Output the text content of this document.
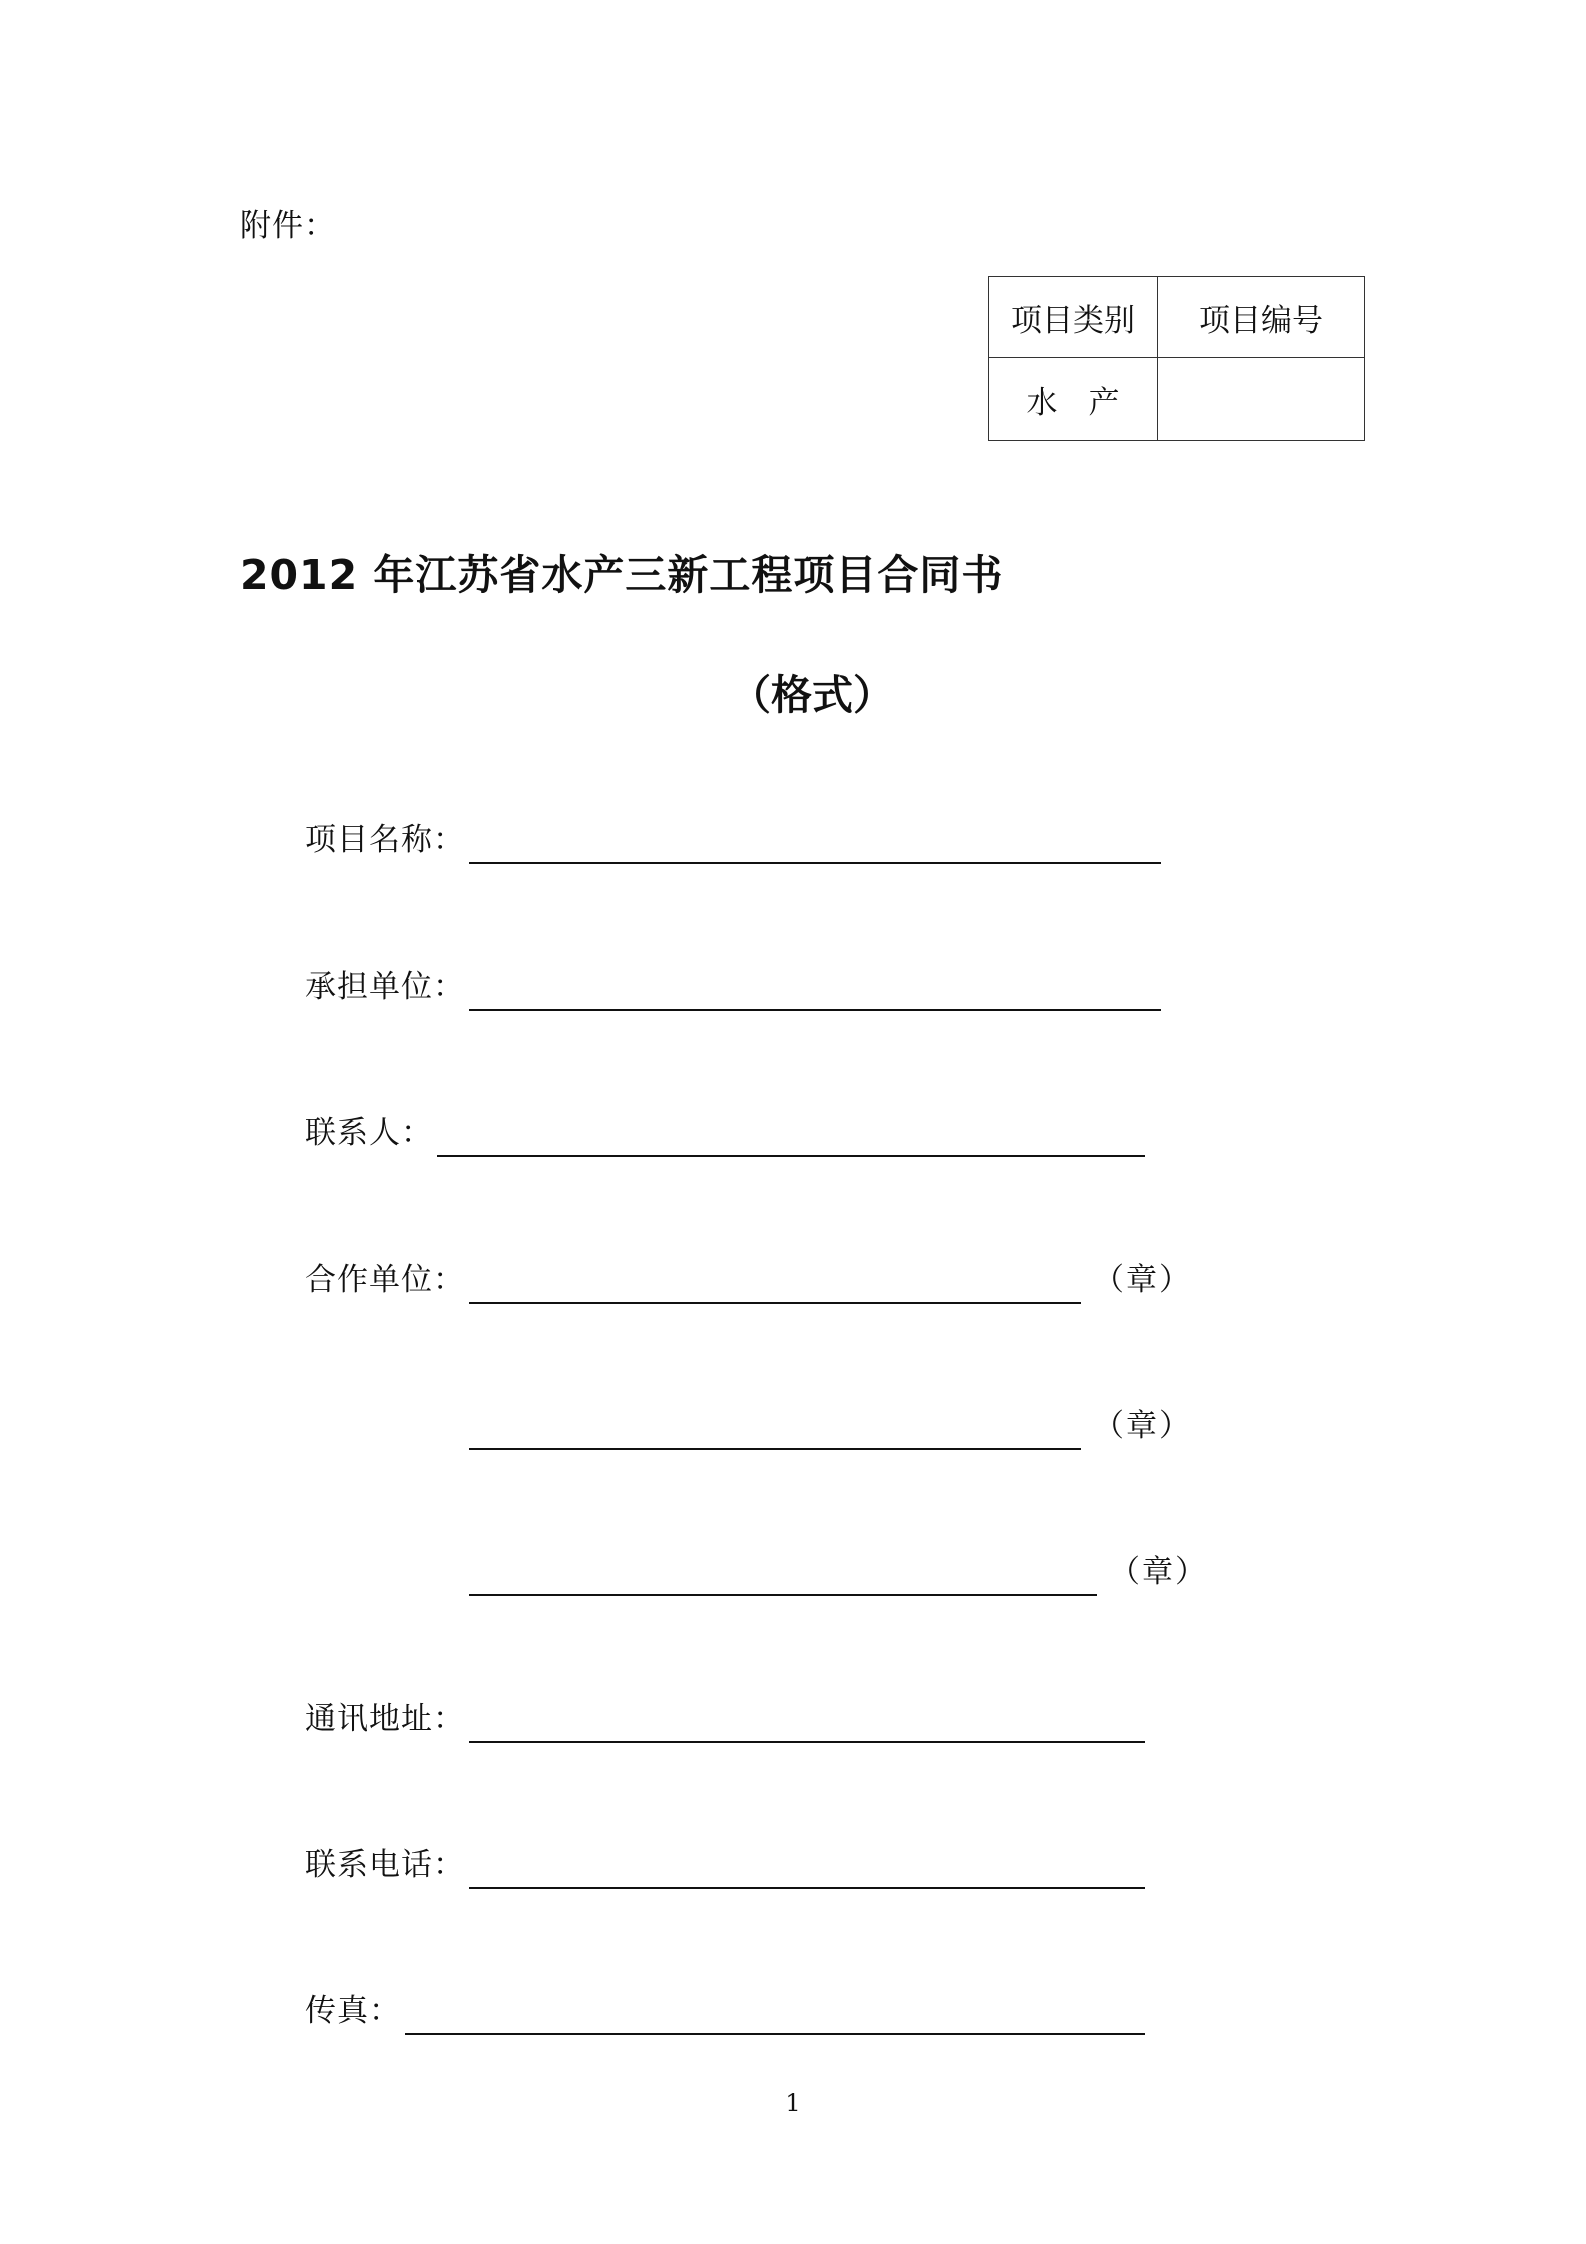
附件：
项目类别	项目编号
水　产	
2012 年江苏省水产三新工程项目合同书
（格式）
项目名称：
承担单位：
联系人：
合作单位：	（章）
（章）
（章）
通讯地址：
联系电话：
传真：
1
